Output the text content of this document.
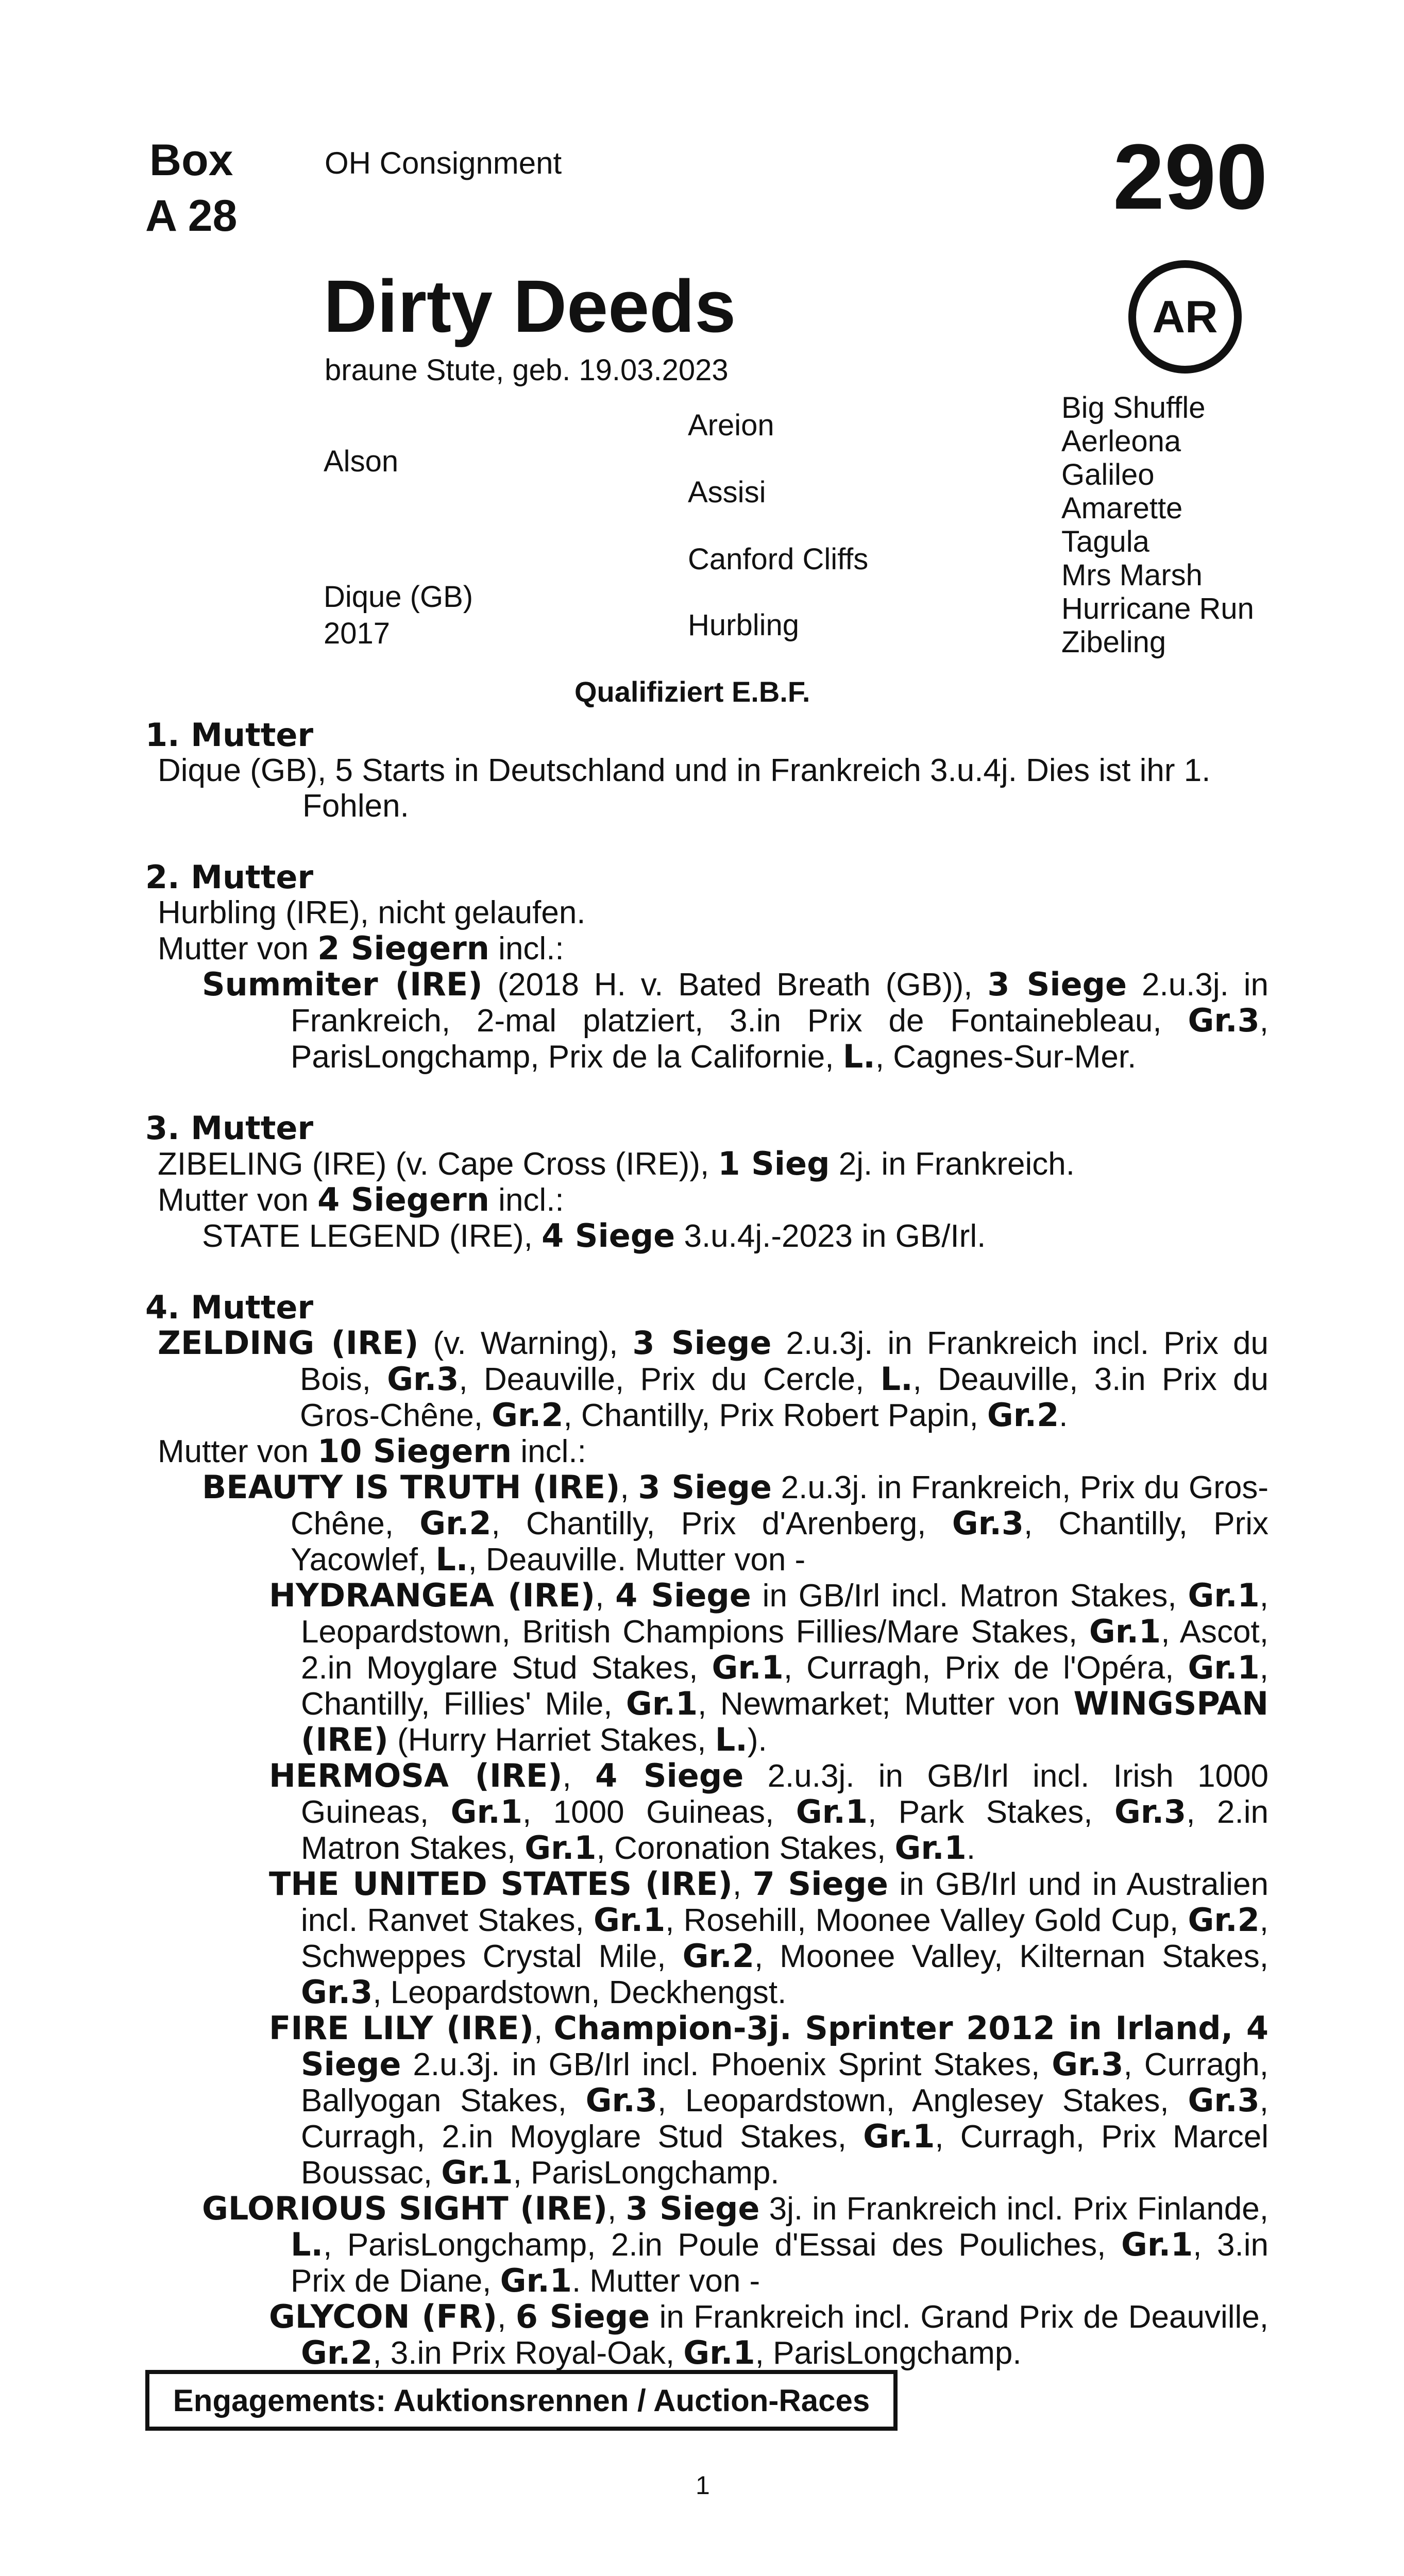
Box
A 28
OH Consignment	290
AR
Dirty Deeds
braune Stute, geb. 19.03.2023
Alson
Dique (GB)
2017
Areion
Assisi
Canford Cliffs
Hurbling
Big Shuffle
Aerleona
Galileo
Amarette
Tagula
Mrs Marsh
Hurricane Run
Zibeling
Qualifiziert E.B.F.
1. Mutter
Dique (GB), 5 Starts in Deutschland und in Frankreich 3.u.4j. Dies ist ihr 1. Fohlen.
2. Mutter
Hurbling (IRE), nicht gelaufen.
Mutter von 2 Siegern incl.:
Summiter (IRE) (2018 H. v. Bated Breath (GB)), 3 Siege 2.u.3j. in Frankreich, 2-mal platziert, 3.in Prix de Fontainebleau, Gr.3, ParisLongchamp, Prix de la Californie, L., Cagnes-Sur-Mer.
3. Mutter
ZIBELING (IRE) (v. Cape Cross (IRE)), 1 Sieg 2j. in Frankreich.
Mutter von 4 Siegern incl.:
STATE LEGEND (IRE), 4 Siege 3.u.4j.-2023 in GB/Irl.
4. Mutter
ZELDING (IRE) (v. Warning), 3 Siege 2.u.3j. in Frankreich incl. Prix du Bois, Gr.3, Deauville, Prix du Cercle, L., Deauville, 3.in Prix du Gros-Chêne, Gr.2, Chantilly, Prix Robert Papin, Gr.2.
Mutter von 10 Siegern incl.:
BEAUTY IS TRUTH (IRE), 3 Siege 2.u.3j. in Frankreich, Prix du Gros-Chêne, Gr.2, Chantilly, Prix d'Arenberg, Gr.3, Chantilly, Prix Yacowlef, L., Deauville. Mutter von -
HYDRANGEA (IRE), 4 Siege in GB/Irl incl. Matron Stakes, Gr.1, Leopardstown, British Champions Fillies/Mare Stakes, Gr.1, Ascot, 2.in Moyglare Stud Stakes, Gr.1, Curragh, Prix de l'Opéra, Gr.1, Chantilly, Fillies' Mile, Gr.1, Newmarket; Mutter von WINGSPAN (IRE) (Hurry Harriet Stakes, L.).
HERMOSA (IRE), 4 Siege 2.u.3j. in GB/Irl incl. Irish 1000 Guineas, Gr.1, 1000 Guineas, Gr.1, Park Stakes, Gr.3, 2.in Matron Stakes, Gr.1, Coronation Stakes, Gr.1.
THE UNITED STATES (IRE), 7 Siege in GB/Irl und in Australien incl. Ranvet Stakes, Gr.1, Rosehill, Moonee Valley Gold Cup, Gr.2, Schweppes Crystal Mile, Gr.2, Moonee Valley, Kilternan Stakes, Gr.3, Leopardstown, Deckhengst.
FIRE LILY (IRE), Champion-3j. Sprinter 2012 in Irland, 4 Siege 2.u.3j. in GB/Irl incl. Phoenix Sprint Stakes, Gr.3, Curragh, Ballyogan Stakes, Gr.3, Leopardstown, Anglesey Stakes, Gr.3, Curragh, 2.in Moyglare Stud Stakes, Gr.1, Curragh, Prix Marcel Boussac, Gr.1, ParisLongchamp.
GLORIOUS SIGHT (IRE), 3 Siege 3j. in Frankreich incl. Prix Finlande, L., ParisLongchamp, 2.in Poule d'Essai des Pouliches, Gr.1, 3.in Prix de Diane, Gr.1. Mutter von -
GLYCON (FR), 6 Siege in Frankreich incl. Grand Prix de Deauville, Gr.2, 3.in Prix Royal-Oak, Gr.1, ParisLongchamp.
Engagements: Auktionsrennen / Auction-Races
1
